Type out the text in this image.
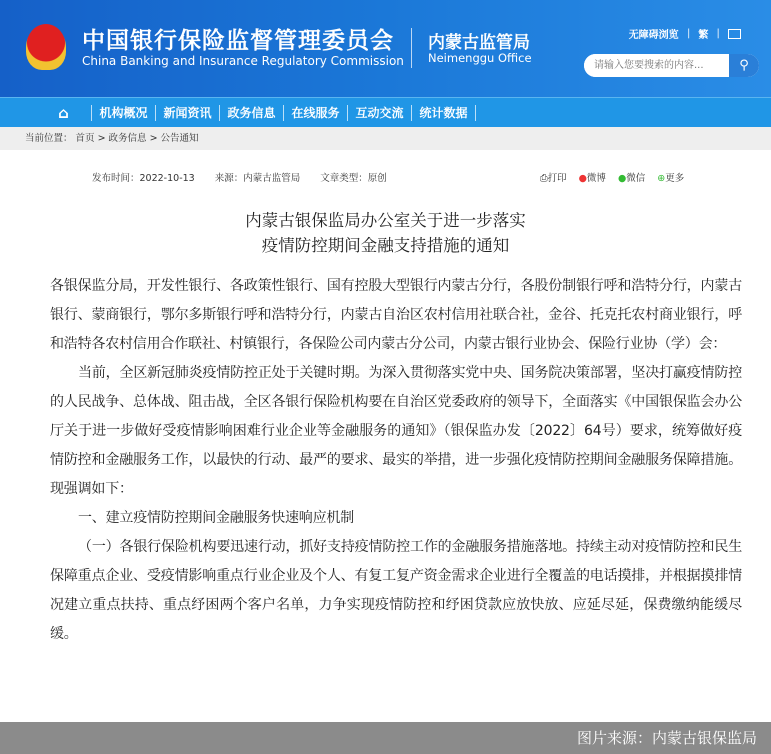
中国银行保险监督管理委员会
China Banking and Insurance Regulatory Commission
内蒙古监管局
Neimenggu Office
无障碍浏览 | 繁 |
请输入您要搜索的内容...
⚲
⌂	机构概况	新闻资讯	政务信息	在线服务	互动交流	统计数据
当前位置： 首页 > 政务信息 > 公告通知
发布时间：2022-10-13 来源：内蒙古监管局 文章类型：原创	⎙打印 ●微博 ●微信 ⊕更多
内蒙古银保监局办公室关于进一步落实
疫情防控期间金融支持措施的通知

各银保监分局，开发性银行、各政策性银行、国有控股大型银行内蒙古分行，各股份制银行呼和浩特分行，内蒙古银行、蒙商银行，鄂尔多斯银行呼和浩特分行，内蒙古自治区农村信用社联合社，金谷、托克托农村商业银行，呼和浩特各农村信用合作联社、村镇银行，各保险公司内蒙古分公司，内蒙古银行业协会、保险行业协（学）会：

当前，全区新冠肺炎疫情防控正处于关键时期。为深入贯彻落实党中央、国务院决策部署，坚决打赢疫情防控的人民战争、总体战、阻击战，全区各银行保险机构要在自治区党委政府的领导下，全面落实《中国银保监会办公厅关于进一步做好受疫情影响困难行业企业等金融服务的通知》（银保监办发〔2022〕64号）要求，统筹做好疫情防控和金融服务工作，以最快的行动、最严的要求、最实的举措，进一步强化疫情防控期间金融服务保障措施。现强调如下：

一、建立疫情防控期间金融服务快速响应机制

（一）各银行保险机构要迅速行动，抓好支持疫情防控工作的金融服务措施落地。持续主动对疫情防控和民生保障重点企业、受疫情影响重点行业企业及个人、有复工复产资金需求企业进行全覆盖的电话摸排，并根据摸排情况建立重点扶持、重点纾困两个客户名单，力争实现疫情防控和纾困贷款应放快放、应延尽延，保费缴纳能缓尽缓。

图片来源：内蒙古银保监局
